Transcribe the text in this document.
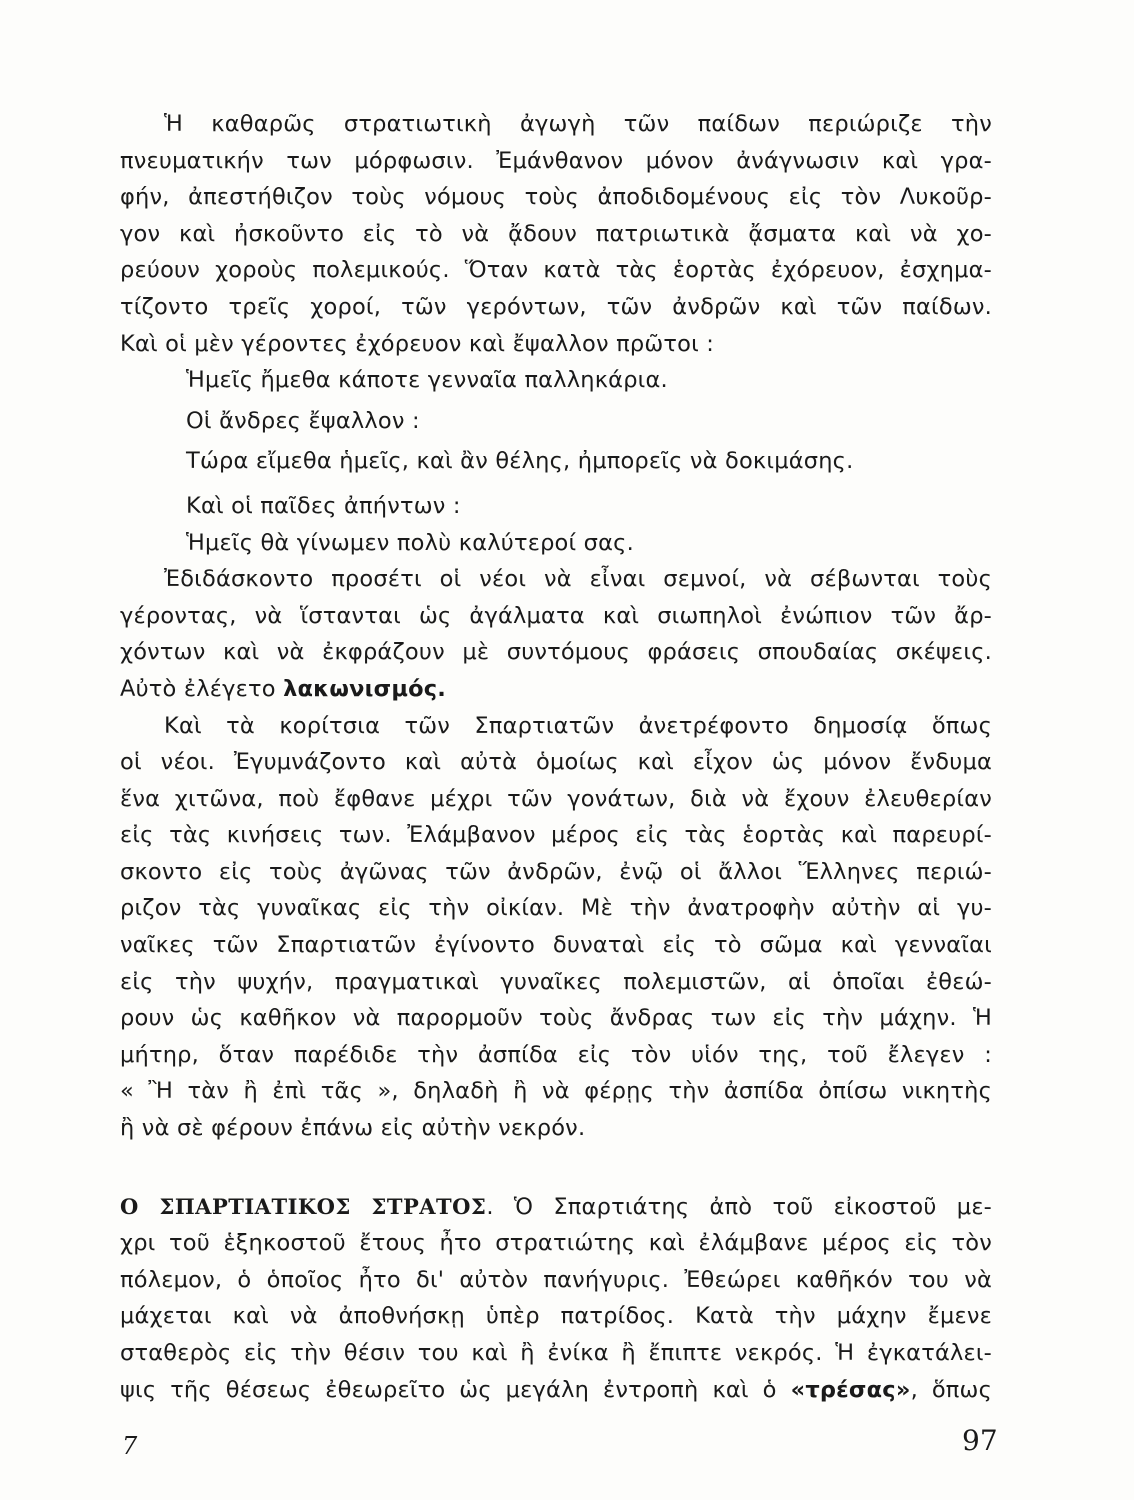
Ἡ καθαρῶς στρατιωτικὴ ἀγωγὴ τῶν παίδων περιώριζε τὴν
πνευματικήν των μόρφωσιν. Ἐμάνθανον μόνον ἀνάγνωσιν καὶ γρα-
φήν, ἀπεστήθιζον τοὺς νόμους τοὺς ἀποδιδομένους εἰς τὸν Λυκοῦρ-
γον καὶ ἠσκοῦντο εἰς τὸ νὰ ᾄδουν πατριωτικὰ ᾄσματα καὶ νὰ χο-
ρεύουν χοροὺς πολεμικούς. Ὅταν κατὰ τὰς ἑορτὰς ἐχόρευον, ἐσχημα-
τίζοντο τρεῖς χοροί, τῶν γερόντων, τῶν ἀνδρῶν καὶ τῶν παίδων.
Καὶ οἱ μὲν γέροντες ἐχόρευον καὶ ἔψαλλον πρῶτοι :
Ἡμεῖς ἤμεθα κάποτε γενναῖα παλληκάρια.
Οἱ ἄνδρες ἔψαλλον :
Τώρα εἴμεθα ἡμεῖς, καὶ ἂν θέλης, ἠμπορεῖς νὰ δοκιμάσης.
Καὶ οἱ παῖδες ἀπήντων :
Ἡμεῖς θὰ γίνωμεν πολὺ καλύτεροί σας.
Ἐδιδάσκοντο προσέτι οἱ νέοι νὰ εἶναι σεμνοί, νὰ σέβωνται τοὺς
γέροντας, νὰ ἵστανται ὡς ἀγάλματα καὶ σιωπηλοὶ ἐνώπιον τῶν ἄρ-
χόντων καὶ νὰ ἐκφράζουν μὲ συντόμους φράσεις σπουδαίας σκέψεις.
Αὐτὸ ἐλέγετο λακωνισμός.
Καὶ τὰ κορίτσια τῶν Σπαρτιατῶν ἀνετρέφοντο δημοσίᾳ ὅπως
οἱ νέοι. Ἐγυμνάζοντο καὶ αὐτὰ ὁμοίως καὶ εἶχον ὡς μόνον ἔνδυμα
ἕνα χιτῶνα, ποὺ ἔφθανε μέχρι τῶν γονάτων, διὰ νὰ ἔχουν ἐλευθερίαν
εἰς τὰς κινήσεις των. Ἐλάμβανον μέρος εἰς τὰς ἑορτὰς καὶ παρευρί-
σκοντο εἰς τοὺς ἀγῶνας τῶν ἀνδρῶν, ἐνῷ οἱ ἄλλοι Ἕλληνες περιώ-
ριζον τὰς γυναῖκας εἰς τὴν οἰκίαν. Μὲ τὴν ἀνατροφὴν αὐτὴν αἱ γυ-
ναῖκες τῶν Σπαρτιατῶν ἐγίνοντο δυναταὶ εἰς τὸ σῶμα καὶ γενναῖαι
εἰς τὴν ψυχήν, πραγματικαὶ γυναῖκες πολεμιστῶν, αἱ ὁποῖαι ἐθεώ-
ρουν ὡς καθῆκον νὰ παρορμοῦν τοὺς ἄνδρας των εἰς τὴν μάχην. Ἡ
μήτηρ, ὅταν παρέδιδε τὴν ἀσπίδα εἰς τὸν υἱόν της, τοῦ ἔλεγεν :
« Ἢ τὰν ἢ ἐπὶ τᾶς », δηλαδὴ ἢ νὰ φέρῃς τὴν ἀσπίδα ὀπίσω νικητὴς
ἢ νὰ σὲ φέρουν ἐπάνω εἰς αὐτὴν νεκρόν.
Ο ΣΠΑΡΤΙΑΤΙΚΟΣ ΣΤΡΑΤΟΣ. Ὁ Σπαρτιάτης ἀπὸ τοῦ εἰκοστοῦ με-
χρι τοῦ ἑξηκοστοῦ ἔτους ἦτο στρατιώτης καὶ ἐλάμβανε μέρος εἰς τὸν
πόλεμον, ὁ ὁποῖος ἦτο δι' αὐτὸν πανήγυρις. Ἐθεώρει καθῆκόν του νὰ
μάχεται καὶ νὰ ἀποθνήσκῃ ὑπὲρ πατρίδος. Κατὰ τὴν μάχην ἔμενε
σταθερὸς εἰς τὴν θέσιν του καὶ ἢ ἐνίκα ἢ ἔπιπτε νεκρός. Ἡ ἐγκατάλει-
ψις τῆς θέσεως ἐθεωρεῖτο ὡς μεγάλη ἐντροπὴ καὶ ὁ «τρέσας», ὅπως
7	97
